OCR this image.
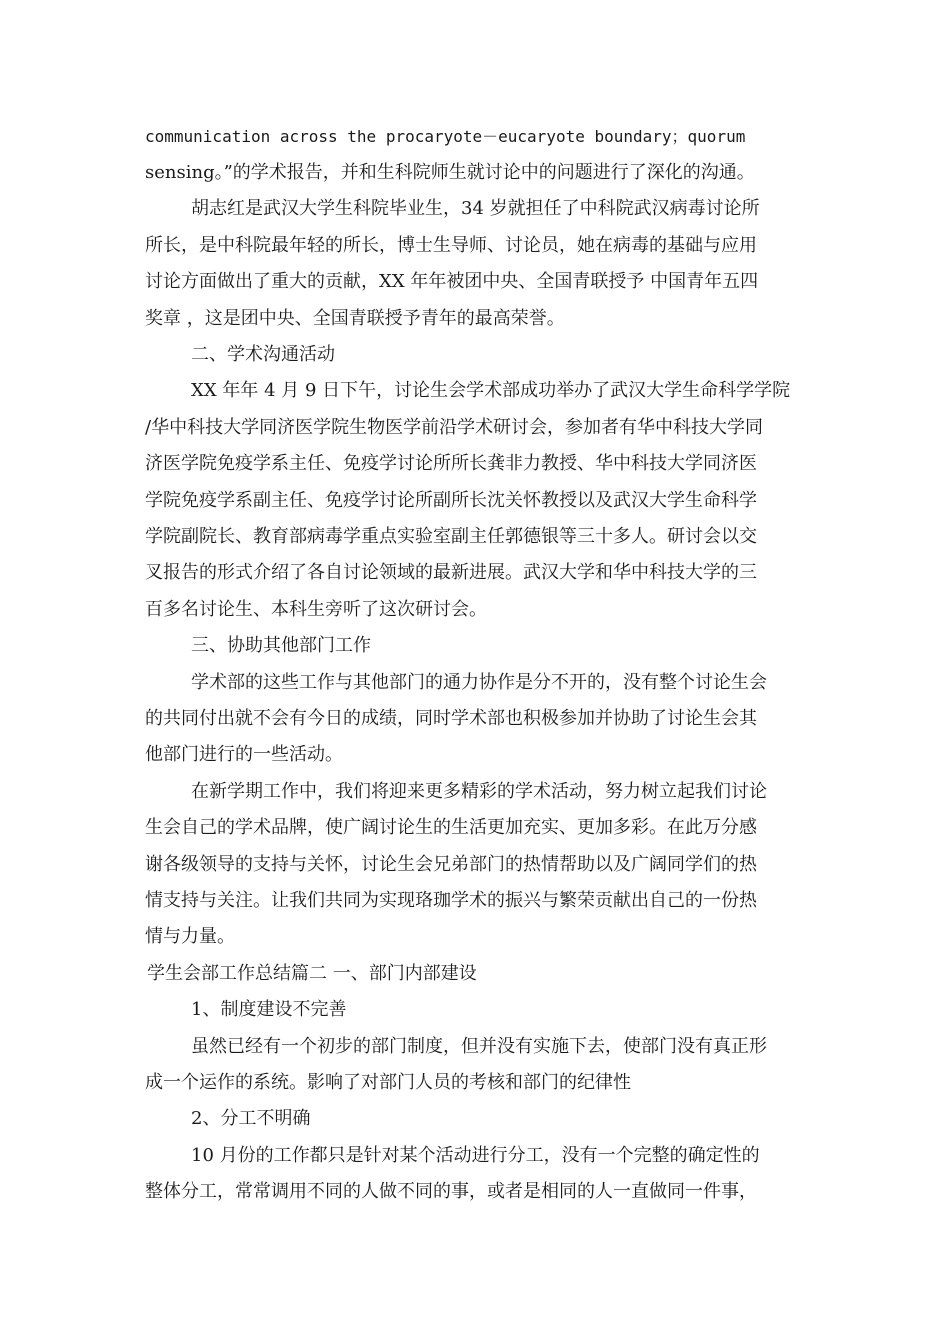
communication across the procaryote－eucaryote boundary；quorum
sensing。”的学术报告，并和生科院师生就讨论中的问题进行了深化的沟通。
胡志红是武汉大学生科院毕业生，34 岁就担任了中科院武汉病毒讨论所
所长，是中科院最年轻的所长，博士生导师、讨论员，她在病毒的基础与应用
讨论方面做出了重大的贡献，XX 年年被团中央、全国青联授予 中国青年五四
奖章 ，这是团中央、全国青联授予青年的最高荣誉。
二、学术沟通活动
XX 年年 4 月 9 日下午，讨论生会学术部成功举办了武汉大学生命科学学院
/华中科技大学同济医学院生物医学前沿学术研讨会，参加者有华中科技大学同
济医学院免疫学系主任、免疫学讨论所所长龚非力教授、华中科技大学同济医
学院免疫学系副主任、免疫学讨论所副所长沈关怀教授以及武汉大学生命科学
学院副院长、教育部病毒学重点实验室副主任郭德银等三十多人。研讨会以交
叉报告的形式介绍了各自讨论领域的最新进展。武汉大学和华中科技大学的三
百多名讨论生、本科生旁听了这次研讨会。
三、协助其他部门工作
学术部的这些工作与其他部门的通力协作是分不开的，没有整个讨论生会
的共同付出就不会有今日的成绩，同时学术部也积极参加并协助了讨论生会其
他部门进行的一些活动。
在新学期工作中，我们将迎来更多精彩的学术活动，努力树立起我们讨论
生会自己的学术品牌，使广阔讨论生的生活更加充实、更加多彩。在此万分感
谢各级领导的支持与关怀，讨论生会兄弟部门的热情帮助以及广阔同学们的热
情支持与关注。让我们共同为实现珞珈学术的振兴与繁荣贡献出自己的一份热
情与力量。
学生会部工作总结篇二 一、部门内部建设
1、制度建设不完善
虽然已经有一个初步的部门制度，但并没有实施下去，使部门没有真正形
成一个运作的系统。影响了对部门人员的考核和部门的纪律性
2、分工不明确
10 月份的工作都只是针对某个活动进行分工，没有一个完整的确定性的
整体分工，常常调用不同的人做不同的事，或者是相同的人一直做同一件事，
